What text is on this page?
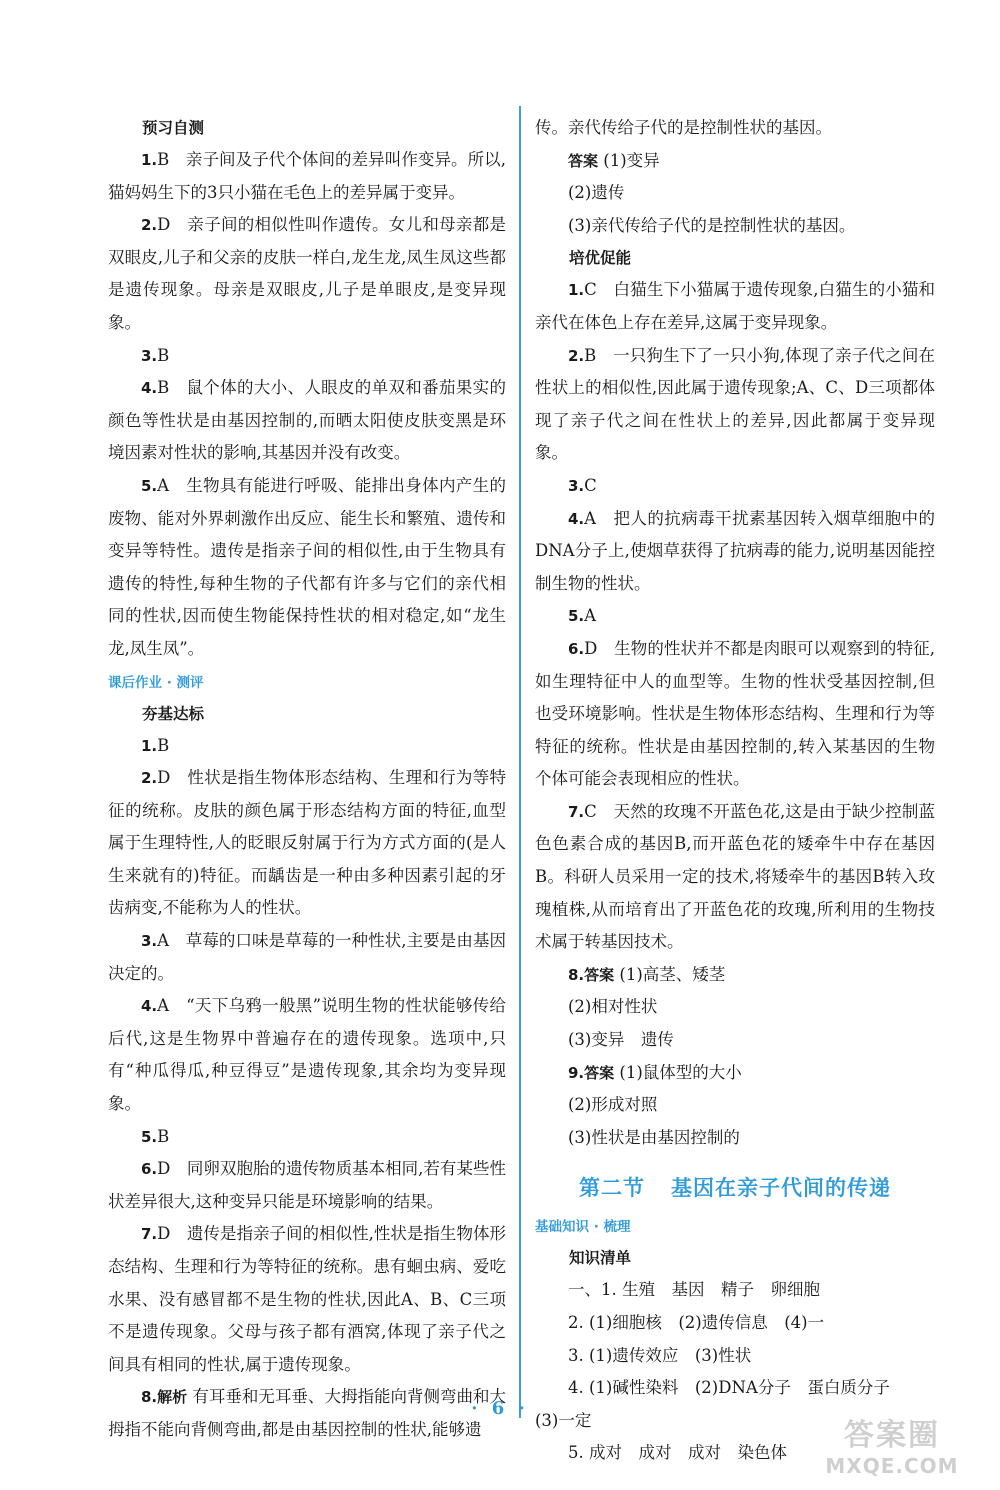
预习自测

1.B　亲子间及子代个体间的差异叫作变异。所以,猫妈妈生下的3只小猫在毛色上的差异属于变异。

2.D　亲子间的相似性叫作遗传。女儿和母亲都是双眼皮,儿子和父亲的皮肤一样白,龙生龙,凤生凤这些都是遗传现象。母亲是双眼皮,儿子是单眼皮,是变异现象。

3.B

4.B　鼠个体的大小、人眼皮的单双和番茄果实的颜色等性状是由基因控制的,而晒太阳使皮肤变黑是环境因素对性状的影响,其基因并没有改变。

5.A　生物具有能进行呼吸、能排出身体内产生的废物、能对外界刺激作出反应、能生长和繁殖、遗传和变异等特性。遗传是指亲子间的相似性,由于生物具有遗传的特性,每种生物的子代都有许多与它们的亲代相同的性状,因而使生物能保持性状的相对稳定,如“龙生龙,凤生凤”。

课后作业 · 测评

夯基达标

1.B

2.D　性状是指生物体形态结构、生理和行为等特征的统称。皮肤的颜色属于形态结构方面的特征,血型属于生理特性,人的眨眼反射属于行为方式方面的(是人生来就有的)特征。而龋齿是一种由多种因素引起的牙齿病变,不能称为人的性状。

3.A　草莓的口味是草莓的一种性状,主要是由基因决定的。

4.A　“天下乌鸦一般黑”说明生物的性状能够传给后代,这是生物界中普遍存在的遗传现象。选项中,只有“种瓜得瓜,种豆得豆”是遗传现象,其余均为变异现象。

5.B

6.D　同卵双胞胎的遗传物质基本相同,若有某些性状差异很大,这种变异只能是环境影响的结果。

7.D　遗传是指亲子间的相似性,性状是指生物体形态结构、生理和行为等特征的统称。患有蛔虫病、爱吃水果、没有感冒都不是生物的性状,因此A、B、C三项不是遗传现象。父母与孩子都有酒窝,体现了亲子代之间具有相同的性状,属于遗传现象。

8.解析 有耳垂和无耳垂、大拇指能向背侧弯曲和大拇指不能向背侧弯曲,都是由基因控制的性状,能够遗

传。亲代传给子代的是控制性状的基因。

答案 (1)变异

(2)遗传

(3)亲代传给子代的是控制性状的基因。

培优促能

1.C　白猫生下小猫属于遗传现象,白猫生的小猫和亲代在体色上存在差异,这属于变异现象。

2.B　一只狗生下了一只小狗,体现了亲子代之间在性状上的相似性,因此属于遗传现象;A、C、D三项都体现了亲子代之间在性状上的差异,因此都属于变异现象。

3.C

4.A　把人的抗病毒干扰素基因转入烟草细胞中的DNA分子上,使烟草获得了抗病毒的能力,说明基因能控制生物的性状。

5.A

6.D　生物的性状并不都是肉眼可以观察到的特征,如生理特征中人的血型等。生物的性状受基因控制,但也受环境影响。性状是生物体形态结构、生理和行为等特征的统称。性状是由基因控制的,转入某基因的生物个体可能会表现相应的性状。

7.C　天然的玫瑰不开蓝色花,这是由于缺少控制蓝色色素合成的基因B,而开蓝色花的矮牵牛中存在基因B。科研人员采用一定的技术,将矮牵牛的基因B转入玫瑰植株,从而培育出了开蓝色花的玫瑰,所利用的生物技术属于转基因技术。

8.答案 (1)高茎、矮茎

(2)相对性状

(3)变异　遗传

9.答案 (1)鼠体型的大小

(2)形成对照

(3)性状是由基因控制的

第二节 基因在亲子代间的传递

基础知识 · 梳理

知识清单

一、1. 生殖　基因　精子　卵细胞

2. (1)细胞核　(2)遗传信息　(4)一

3. (1)遗传效应　(3)性状

4. (1)碱性染料　(2)DNA分子　蛋白质分子

(3)一定

5. 成对　成对　成对　染色体

· 6 ·
答案圈
MXQE.COM
